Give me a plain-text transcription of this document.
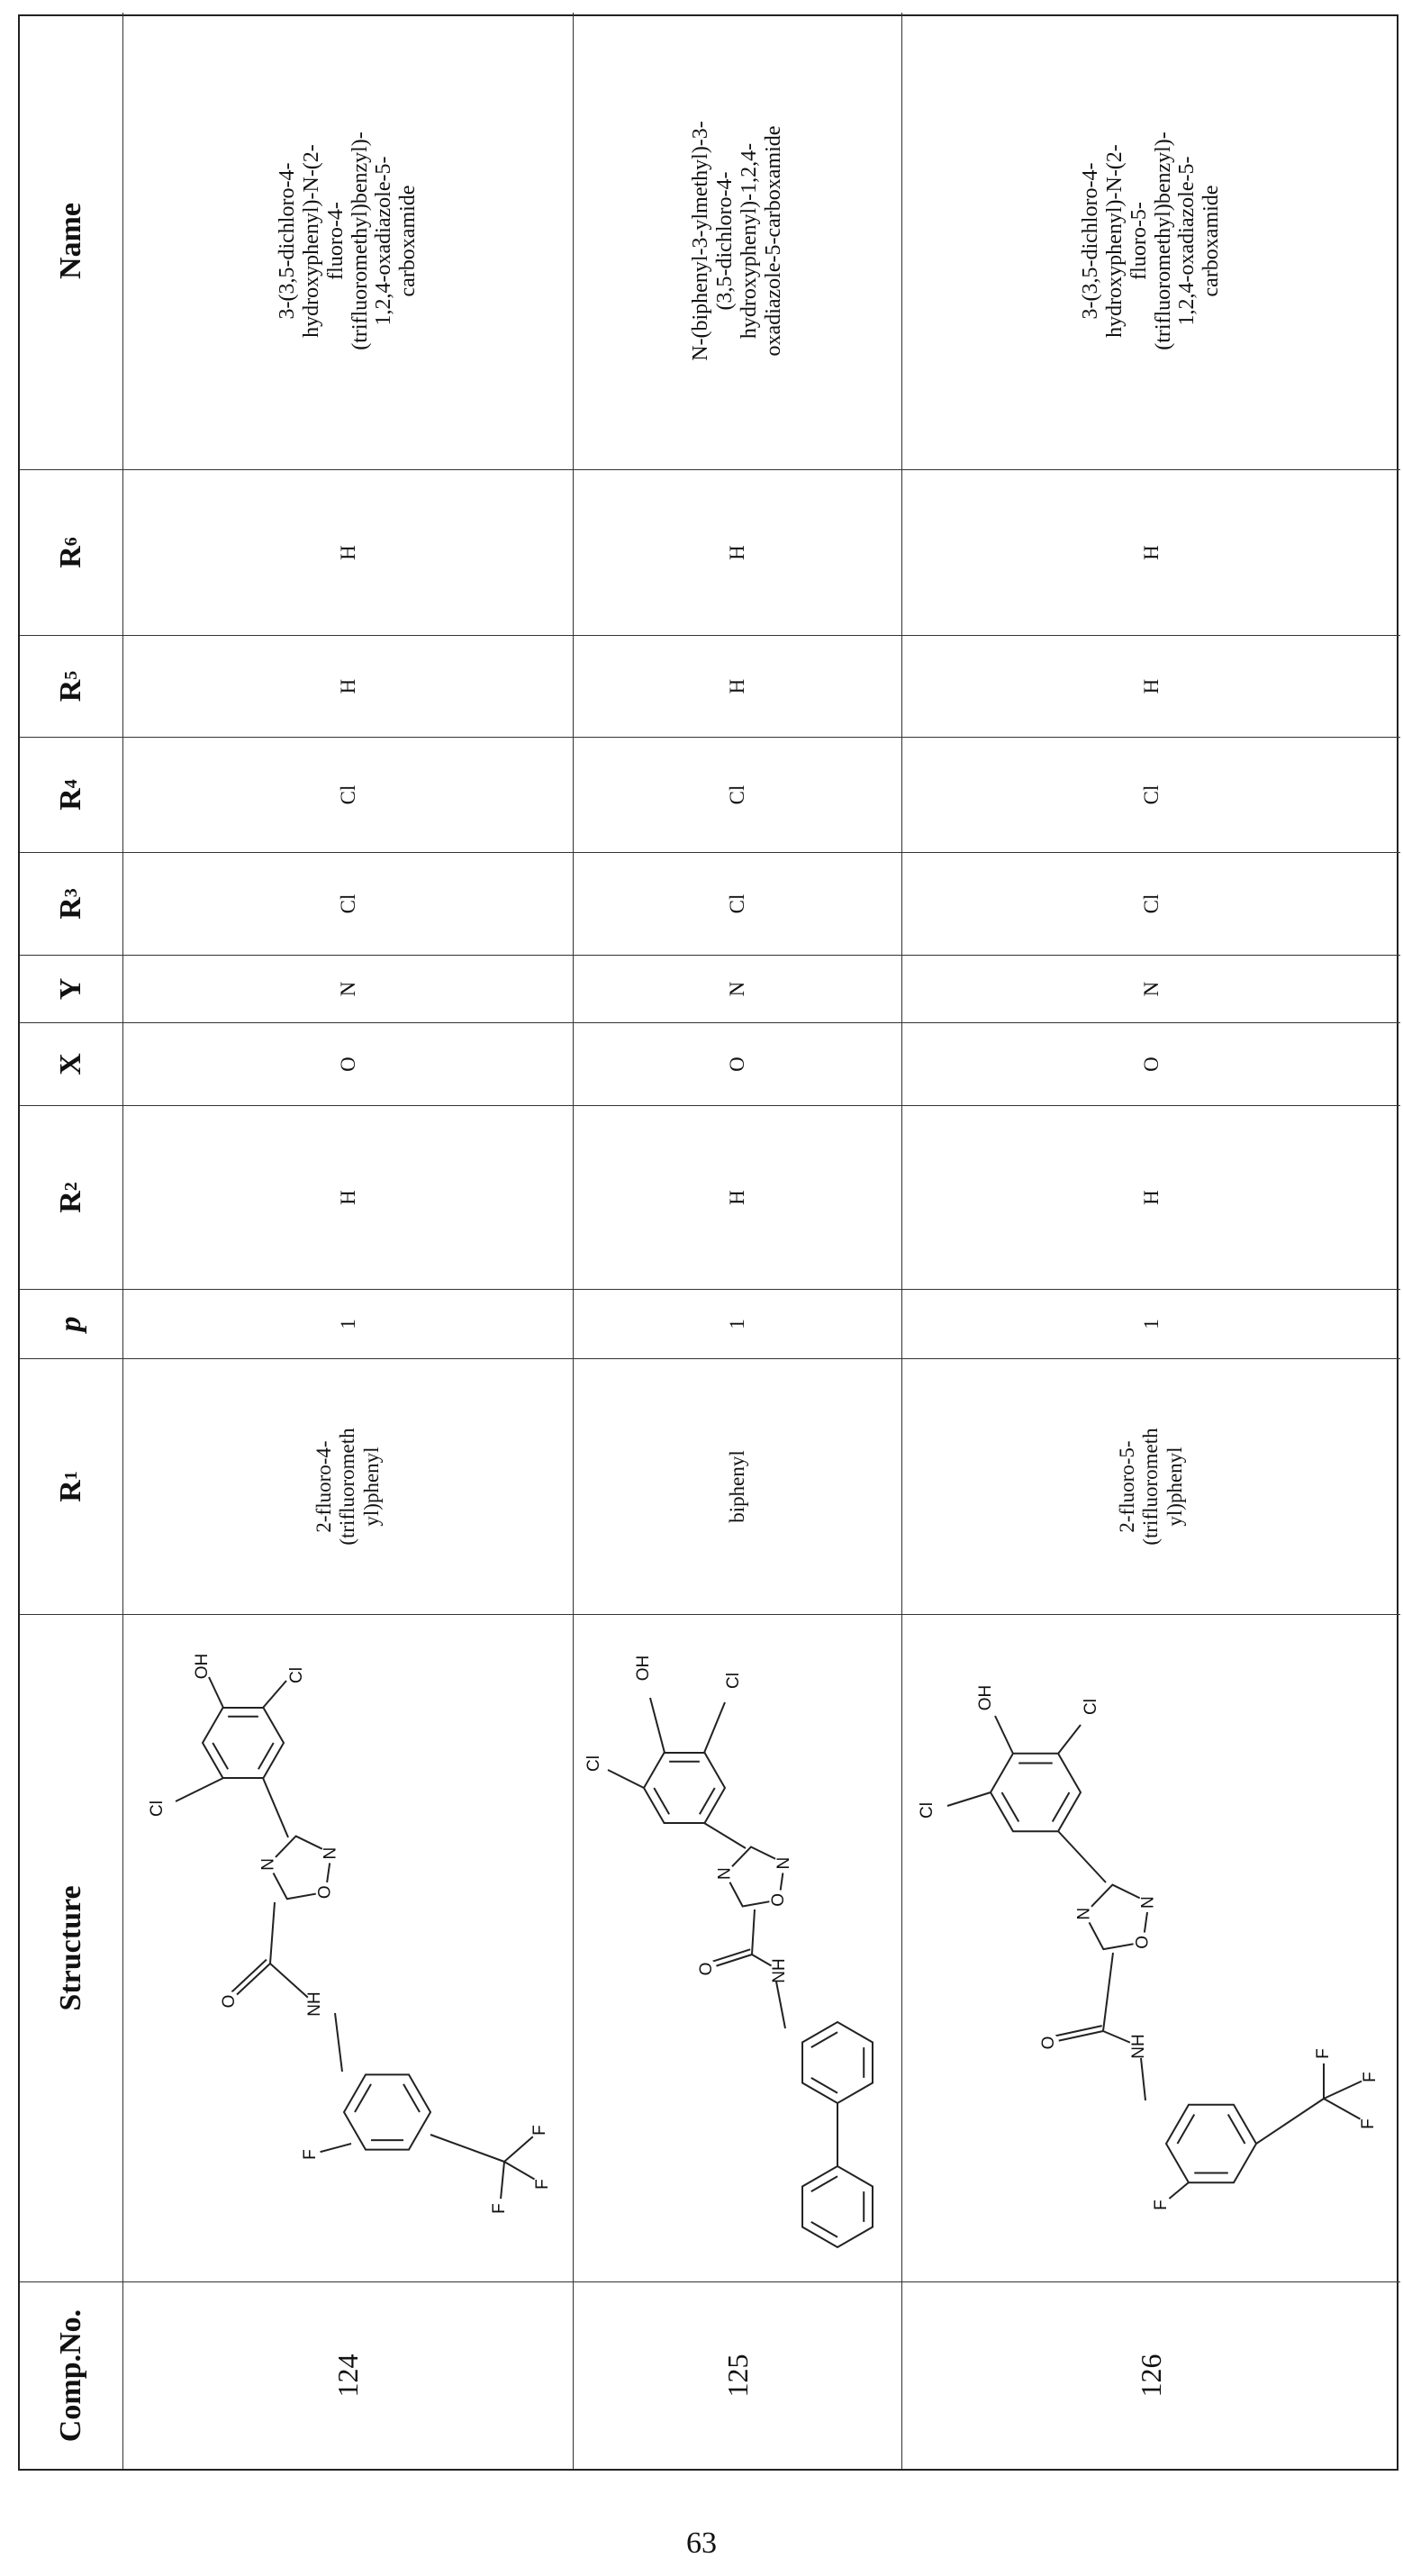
Comp.

No.
Structure
R
1
p
R
2
X
Y
R
3
R
4
R
5
R
6
Name
124
2-fluoro-4- (trifluorometh yl)phenyl
1
H
O
N
Cl
Cl
H
H
3-(3,5-dichloro-4- hydroxyphenyl)-N-(2- fluoro-4- (trifluoromethyl)benzyl)- 1,2,4-oxadiazole-5- carboxamide
125
biphenyl
1
H
O
N
Cl
Cl
H
H
N-(biphenyl-3-ylmethyl)-3- (3,5-dichloro-4- hydroxyphenyl)-1,2,4- oxadiazole-5-carboxamide
126
2-fluoro-5- (trifluorometh yl)phenyl
1
H
O
N
Cl
Cl
H
H
3-(3,5-dichloro-4- hydroxyphenyl)-N-(2- fluoro-5- (trifluoromethyl)benzyl)- 1,2,4-oxadiazole-5- carboxamide
OH	Cl
Cl
N
O
N
O	NH
F
F
F
F
OH	Cl
Cl
N
O
N
O	NH
OH	Cl
Cl
N
O
N
O	NH
F
F
F
F
63
